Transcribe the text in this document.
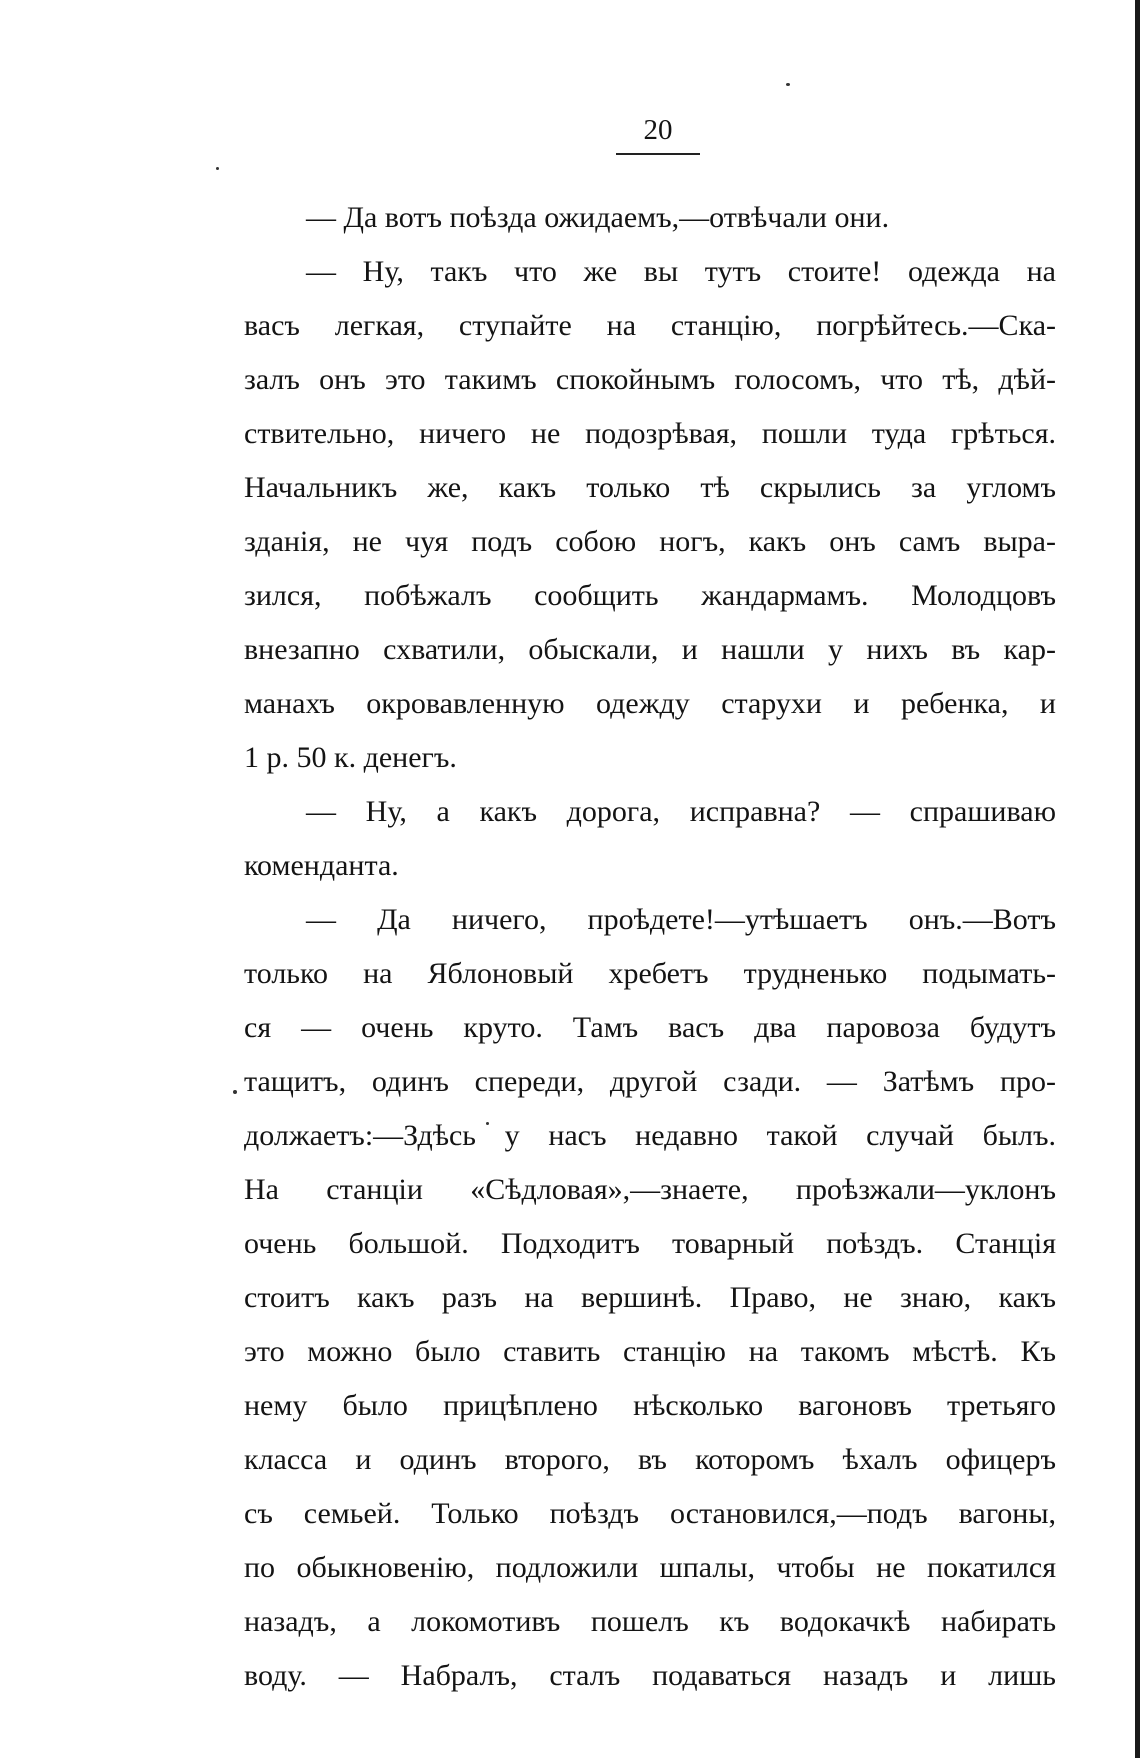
20
— Да вотъ поѣзда ожидаемъ,—отвѣчали они.
— Ну, такъ что же вы тутъ стоите! одежда на
васъ легкая, ступайте на станцію, погрѣйтесь.—Ска-
залъ онъ это такимъ спокойнымъ голосомъ, что тѣ, дѣй-
ствительно, ничего не подозрѣвая, пошли туда грѣться.
Начальникъ же, какъ только тѣ скрылись за угломъ
зданія, не чуя подъ собою ногъ, какъ онъ самъ выра-
зился, побѣжалъ сообщить жандармамъ. Молодцовъ
внезапно схватили, обыскали, и нашли у нихъ въ кар-
манахъ окровавленную одежду старухи и ребенка, и
1 р. 50 к. денегъ.
— Ну, а какъ дорога, исправна? — спрашиваю
коменданта.
— Да ничего, проѣдете!—утѣшаетъ онъ.—Вотъ
только на Яблоновый хребетъ трудненько подымать-
ся — очень круто. Тамъ васъ два паровоза будутъ
тащитъ, одинъ спереди, другой сзади. — Затѣмъ про-
должаетъ:—Здѣсь у насъ недавно такой случай былъ.
На станціи «Сѣдловая»,—знаете, проѣзжали—уклонъ
очень большой. Подходитъ товарный поѣздъ. Станція
стоитъ какъ разъ на вершинѣ. Право, не знаю, какъ
это можно было ставить станцію на такомъ мѣстѣ. Къ
нему было прицѣплено нѣсколько вагоновъ третьяго
класса и одинъ второго, въ которомъ ѣхалъ офицеръ
съ семьей. Только поѣздъ остановился,—подъ вагоны,
по обыкновенію, подложили шпалы, чтобы не покатился
назадъ, а локомотивъ пошелъ къ водокачкѣ набирать
воду. — Набралъ, сталъ подаваться назадъ и лишь
